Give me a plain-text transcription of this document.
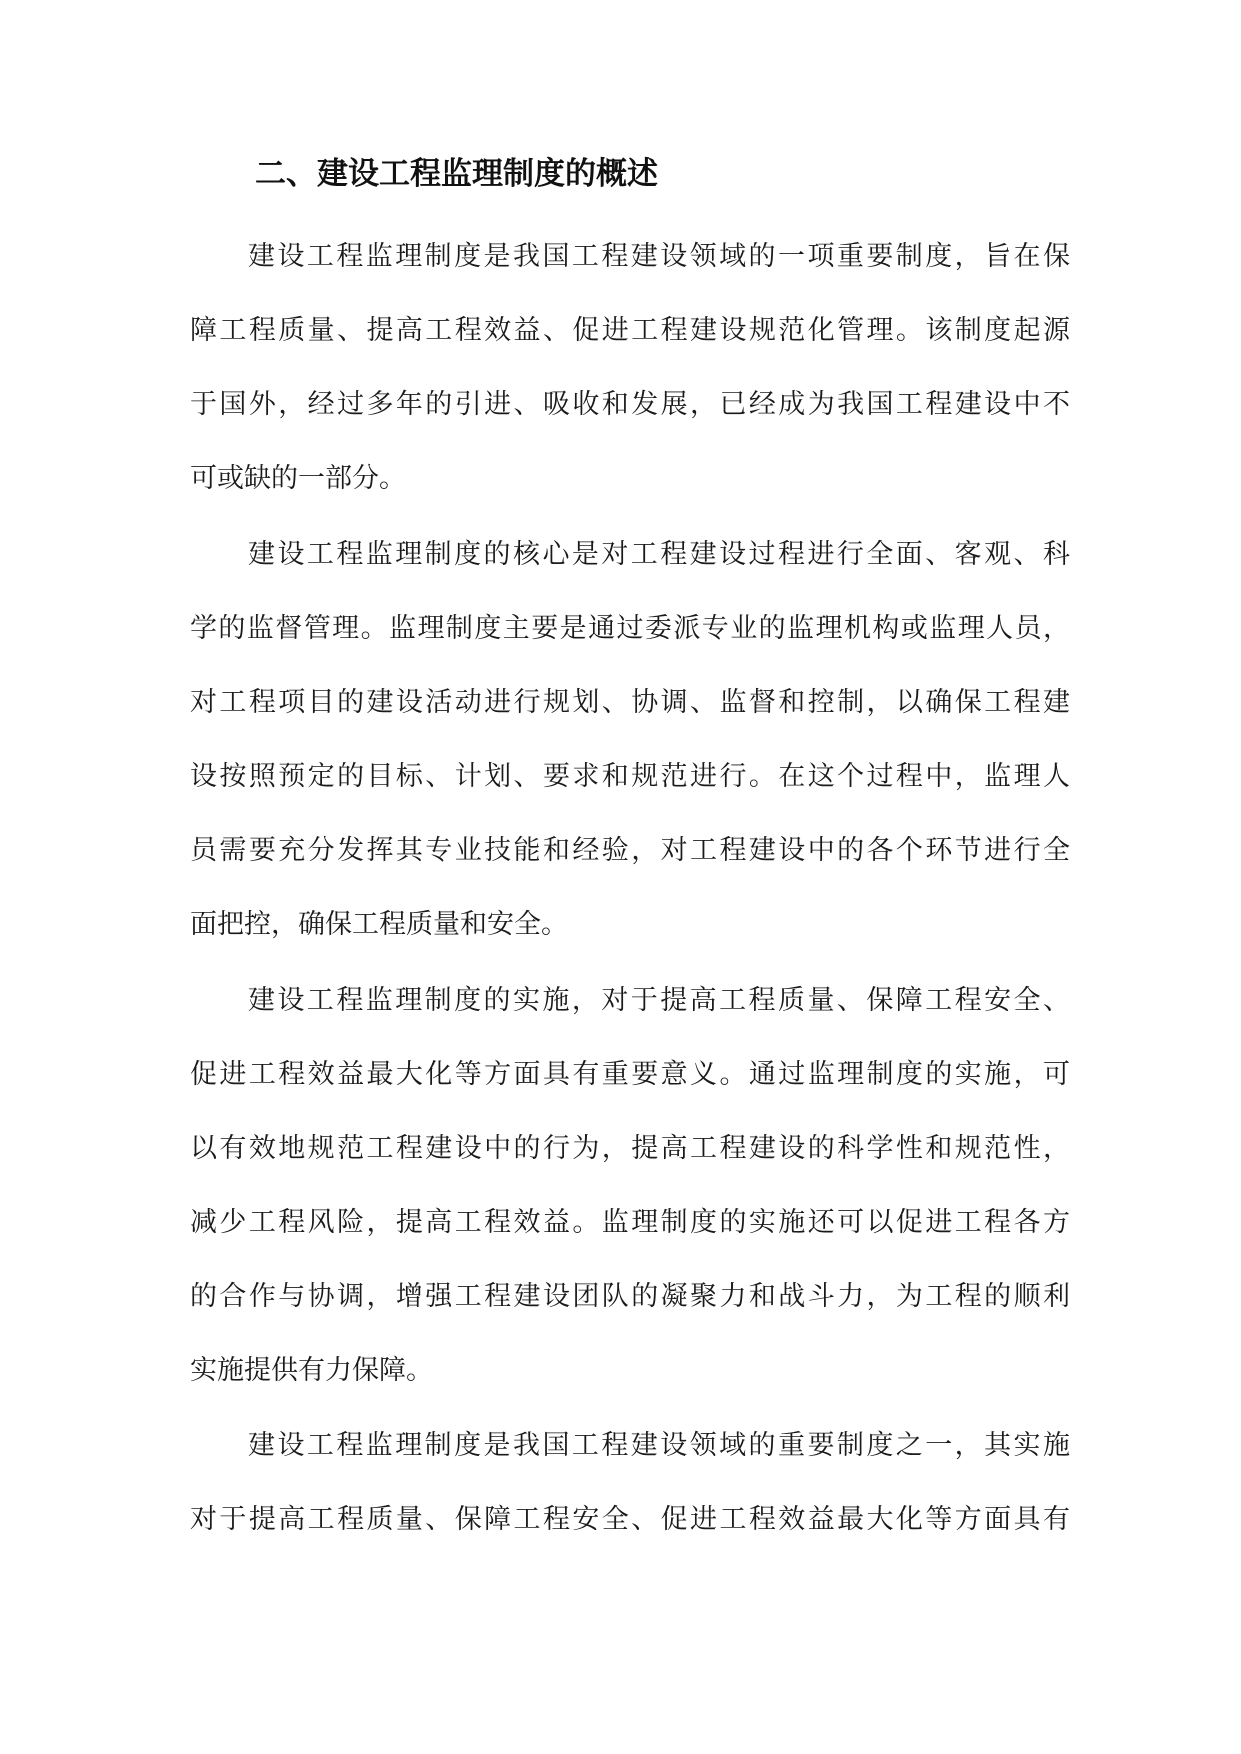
二、建设工程监理制度的概述

建设工程监理制度是我国工程建设领域的一项重要制度，旨在保

障工程质量、提高工程效益、促进工程建设规范化管理。该制度起源

于国外，经过多年的引进、吸收和发展，已经成为我国工程建设中不

可或缺的一部分。

建设工程监理制度的核心是对工程建设过程进行全面、客观、科

学的监督管理。监理制度主要是通过委派专业的监理机构或监理人员，

对工程项目的建设活动进行规划、协调、监督和控制，以确保工程建

设按照预定的目标、计划、要求和规范进行。在这个过程中，监理人

员需要充分发挥其专业技能和经验，对工程建设中的各个环节进行全

面把控，确保工程质量和安全。

建设工程监理制度的实施，对于提高工程质量、保障工程安全、

促进工程效益最大化等方面具有重要意义。通过监理制度的实施，可

以有效地规范工程建设中的行为，提高工程建设的科学性和规范性，

减少工程风险，提高工程效益。监理制度的实施还可以促进工程各方

的合作与协调，增强工程建设团队的凝聚力和战斗力，为工程的顺利

实施提供有力保障。

建设工程监理制度是我国工程建设领域的重要制度之一，其实施

对于提高工程质量、保障工程安全、促进工程效益最大化等方面具有
